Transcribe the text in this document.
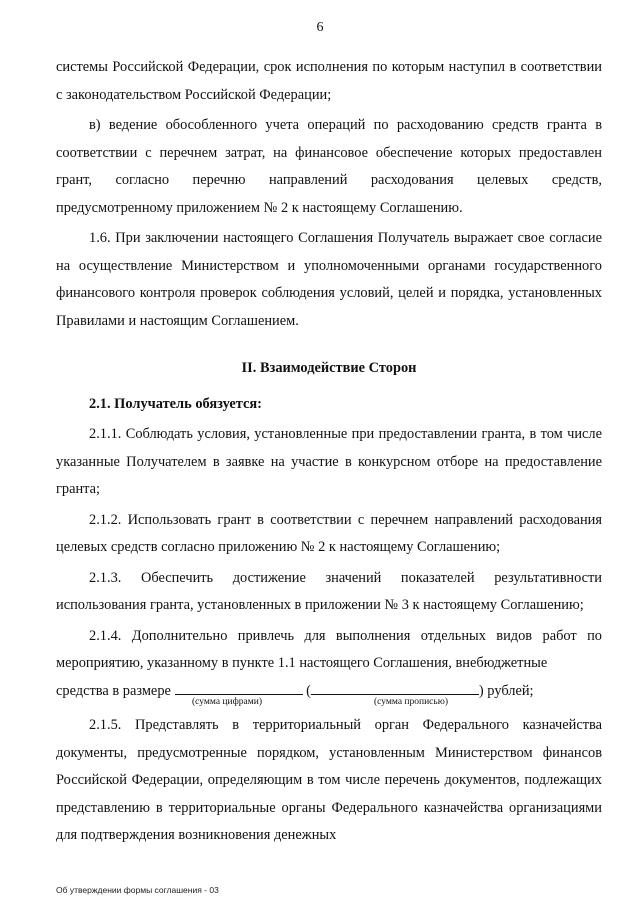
6

системы Российской Федерации, срок исполнения по которым наступил в соответствии с законодательством Российской Федерации;

в) ведение обособленного учета операций по расходованию средств гранта в соответствии с перечнем затрат, на финансовое обеспечение которых предоставлен грант, согласно перечню направлений расходования целевых средств, предусмотренному приложением № 2 к настоящему Соглашению.

1.6. При заключении настоящего Соглашения Получатель выражает свое согласие на осуществление Министерством и уполномоченными органами государственного финансового контроля проверок соблюдения условий, целей и порядка, установленных Правилами и настоящим Соглашением.

II. Взаимодействие Сторон
2.1. Получатель обязуется:

2.1.1. Соблюдать условия, установленные при предоставлении гранта, в том числе указанные Получателем в заявке на участие в конкурсном отборе на предоставление гранта;

2.1.2. Использовать грант в соответствии с перечнем направлений расходования целевых средств согласно приложению № 2 к настоящему Соглашению;

2.1.3. Обеспечить достижение значений показателей результативности использования гранта, установленных в приложении № 3 к настоящему Соглашению;

2.1.4. Дополнительно привлечь для выполнения отдельных видов работ по мероприятию, указанному в пункте 1.1 настоящего Соглашения, внебюджетные

средства в размере	(	) рублей;

(сумма цифрами)	(сумма прописью)

2.1.5. Представлять в территориальный орган Федерального казначейства документы, предусмотренные порядком, установленным Министерством финансов Российской Федерации, определяющим в том числе перечень документов, подлежащих представлению в территориальные органы Федерального казначейства организациями для подтверждения возникновения денежных

Об утверждении формы соглашения - 03
